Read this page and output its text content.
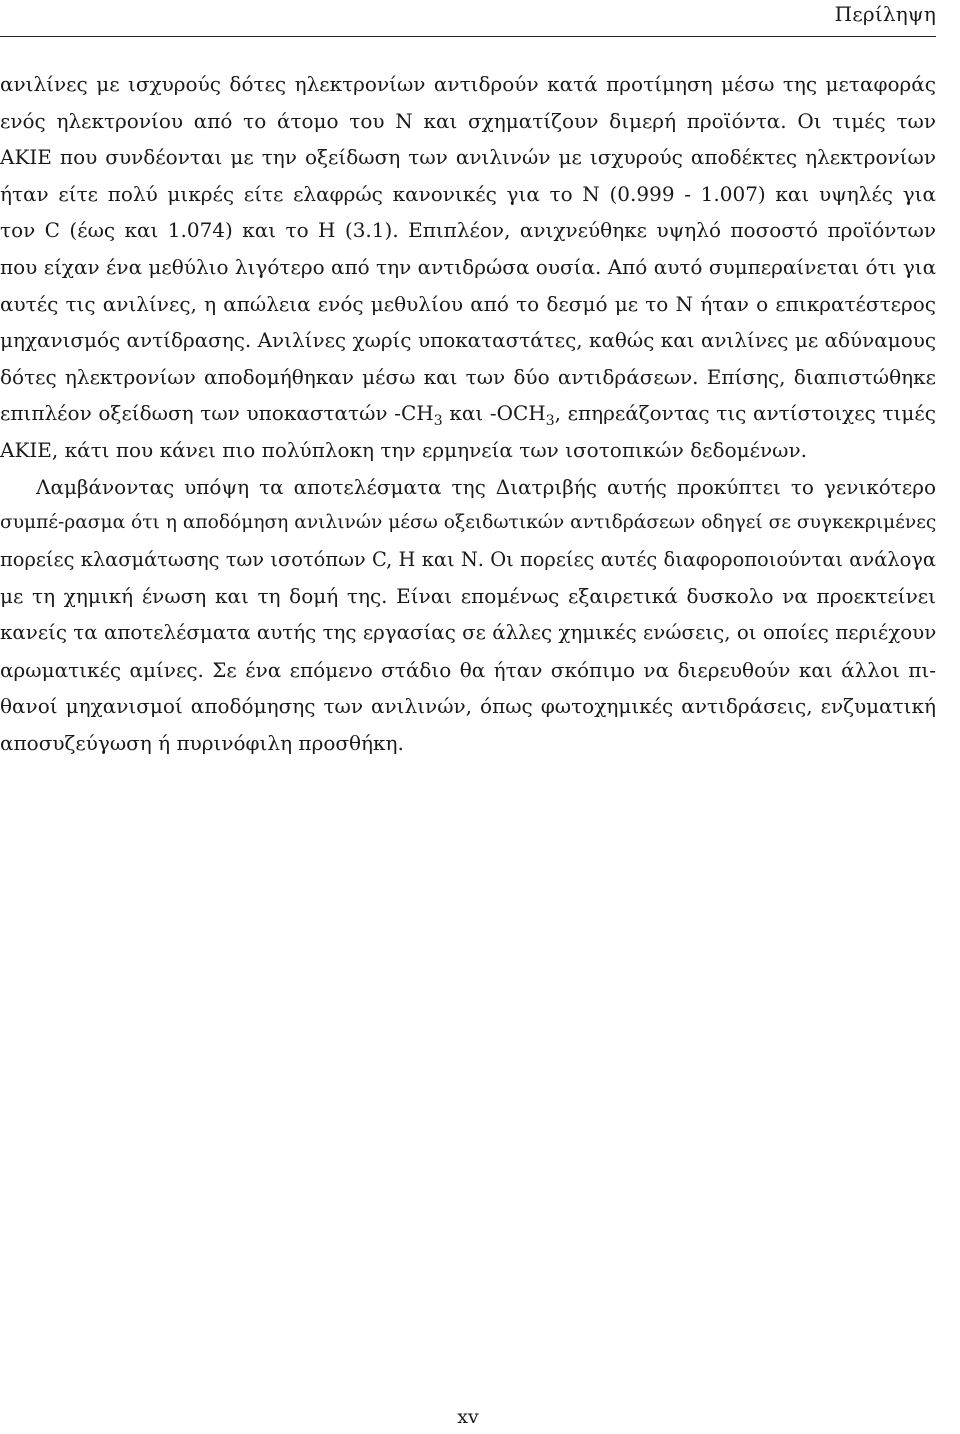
Περίληψη
ανιλίνες με ισχυρούς δότες ηλεκτρονίων αντιδρούν κατά προτίμηση μέσω της μεταφοράς
ενός ηλεκτρονίου από το άτομο του Ν και σχηματίζουν διμερή προϊόντα. Οι τιμές των
ΑΚΙΕ που συνδέονται με την οξείδωση των ανιλινών με ισχυρούς αποδέκτες ηλεκτρονίων
ήταν είτε πολύ μικρές είτε ελαφρώς κανονικές για το Ν (0.999 - 1.007) και υψηλές για
τον C (έως και 1.074) και το Η (3.1). Επιπλέον, ανιχνεύθηκε υψηλό ποσοστό προϊόντων
που είχαν ένα μεθύλιο λιγότερο από την αντιδρώσα ουσία. Από αυτό συμπεραίνεται ότι για
αυτές τις ανιλίνες, η απώλεια ενός μεθυλίου από το δεσμό με το Ν ήταν ο επικρατέστερος
μηχανισμός αντίδρασης. Ανιλίνες χωρίς υποκαταστάτες, καθώς και ανιλίνες με αδύναμους
δότες ηλεκτρονίων αποδομήθηκαν μέσω και των δύο αντιδράσεων. Επίσης, διαπιστώθηκε
επιπλέον οξείδωση των υποκαστατών $-CH_3$ και $-OCH_3$, επηρεάζοντας τις αντίστοιχες τιμές
ΑΚΙΕ, κάτι που κάνει πιο πολύπλοκη την ερμηνεία των ισοτοπικών δεδομένων.
Λαμβάνοντας υπόψη τα αποτελέσματα της Διατριβής αυτής προκύπτει το γενικότερο
συμπέ-ρασμα ότι η αποδόμηση ανιλινών μέσω οξειδωτικών αντιδράσεων οδηγεί σε συγκεκριμένες
πορείες κλασμάτωσης των ισοτόπων C, Η και Ν. Οι πορείες αυτές διαφοροποιούνται ανάλογα
με τη χημική ένωση και τη δομή της. Είναι επομένως εξαιρετικά δυσκολο να προεκτείνει
κανείς τα αποτελέσματα αυτής της εργασίας σε άλλες χημικές ενώσεις, οι οποίες περιέχουν
αρωματικές αμίνες. Σε ένα επόμενο στάδιο θα ήταν σκόπιμο να διερευθούν και άλλοι πι-
θανοί μηχανισμοί αποδόμησης των ανιλινών, όπως φωτοχημικές αντιδράσεις, ενζυματική
αποσυζεύγωση ή πυρινόφιλη προσθήκη.
xv
